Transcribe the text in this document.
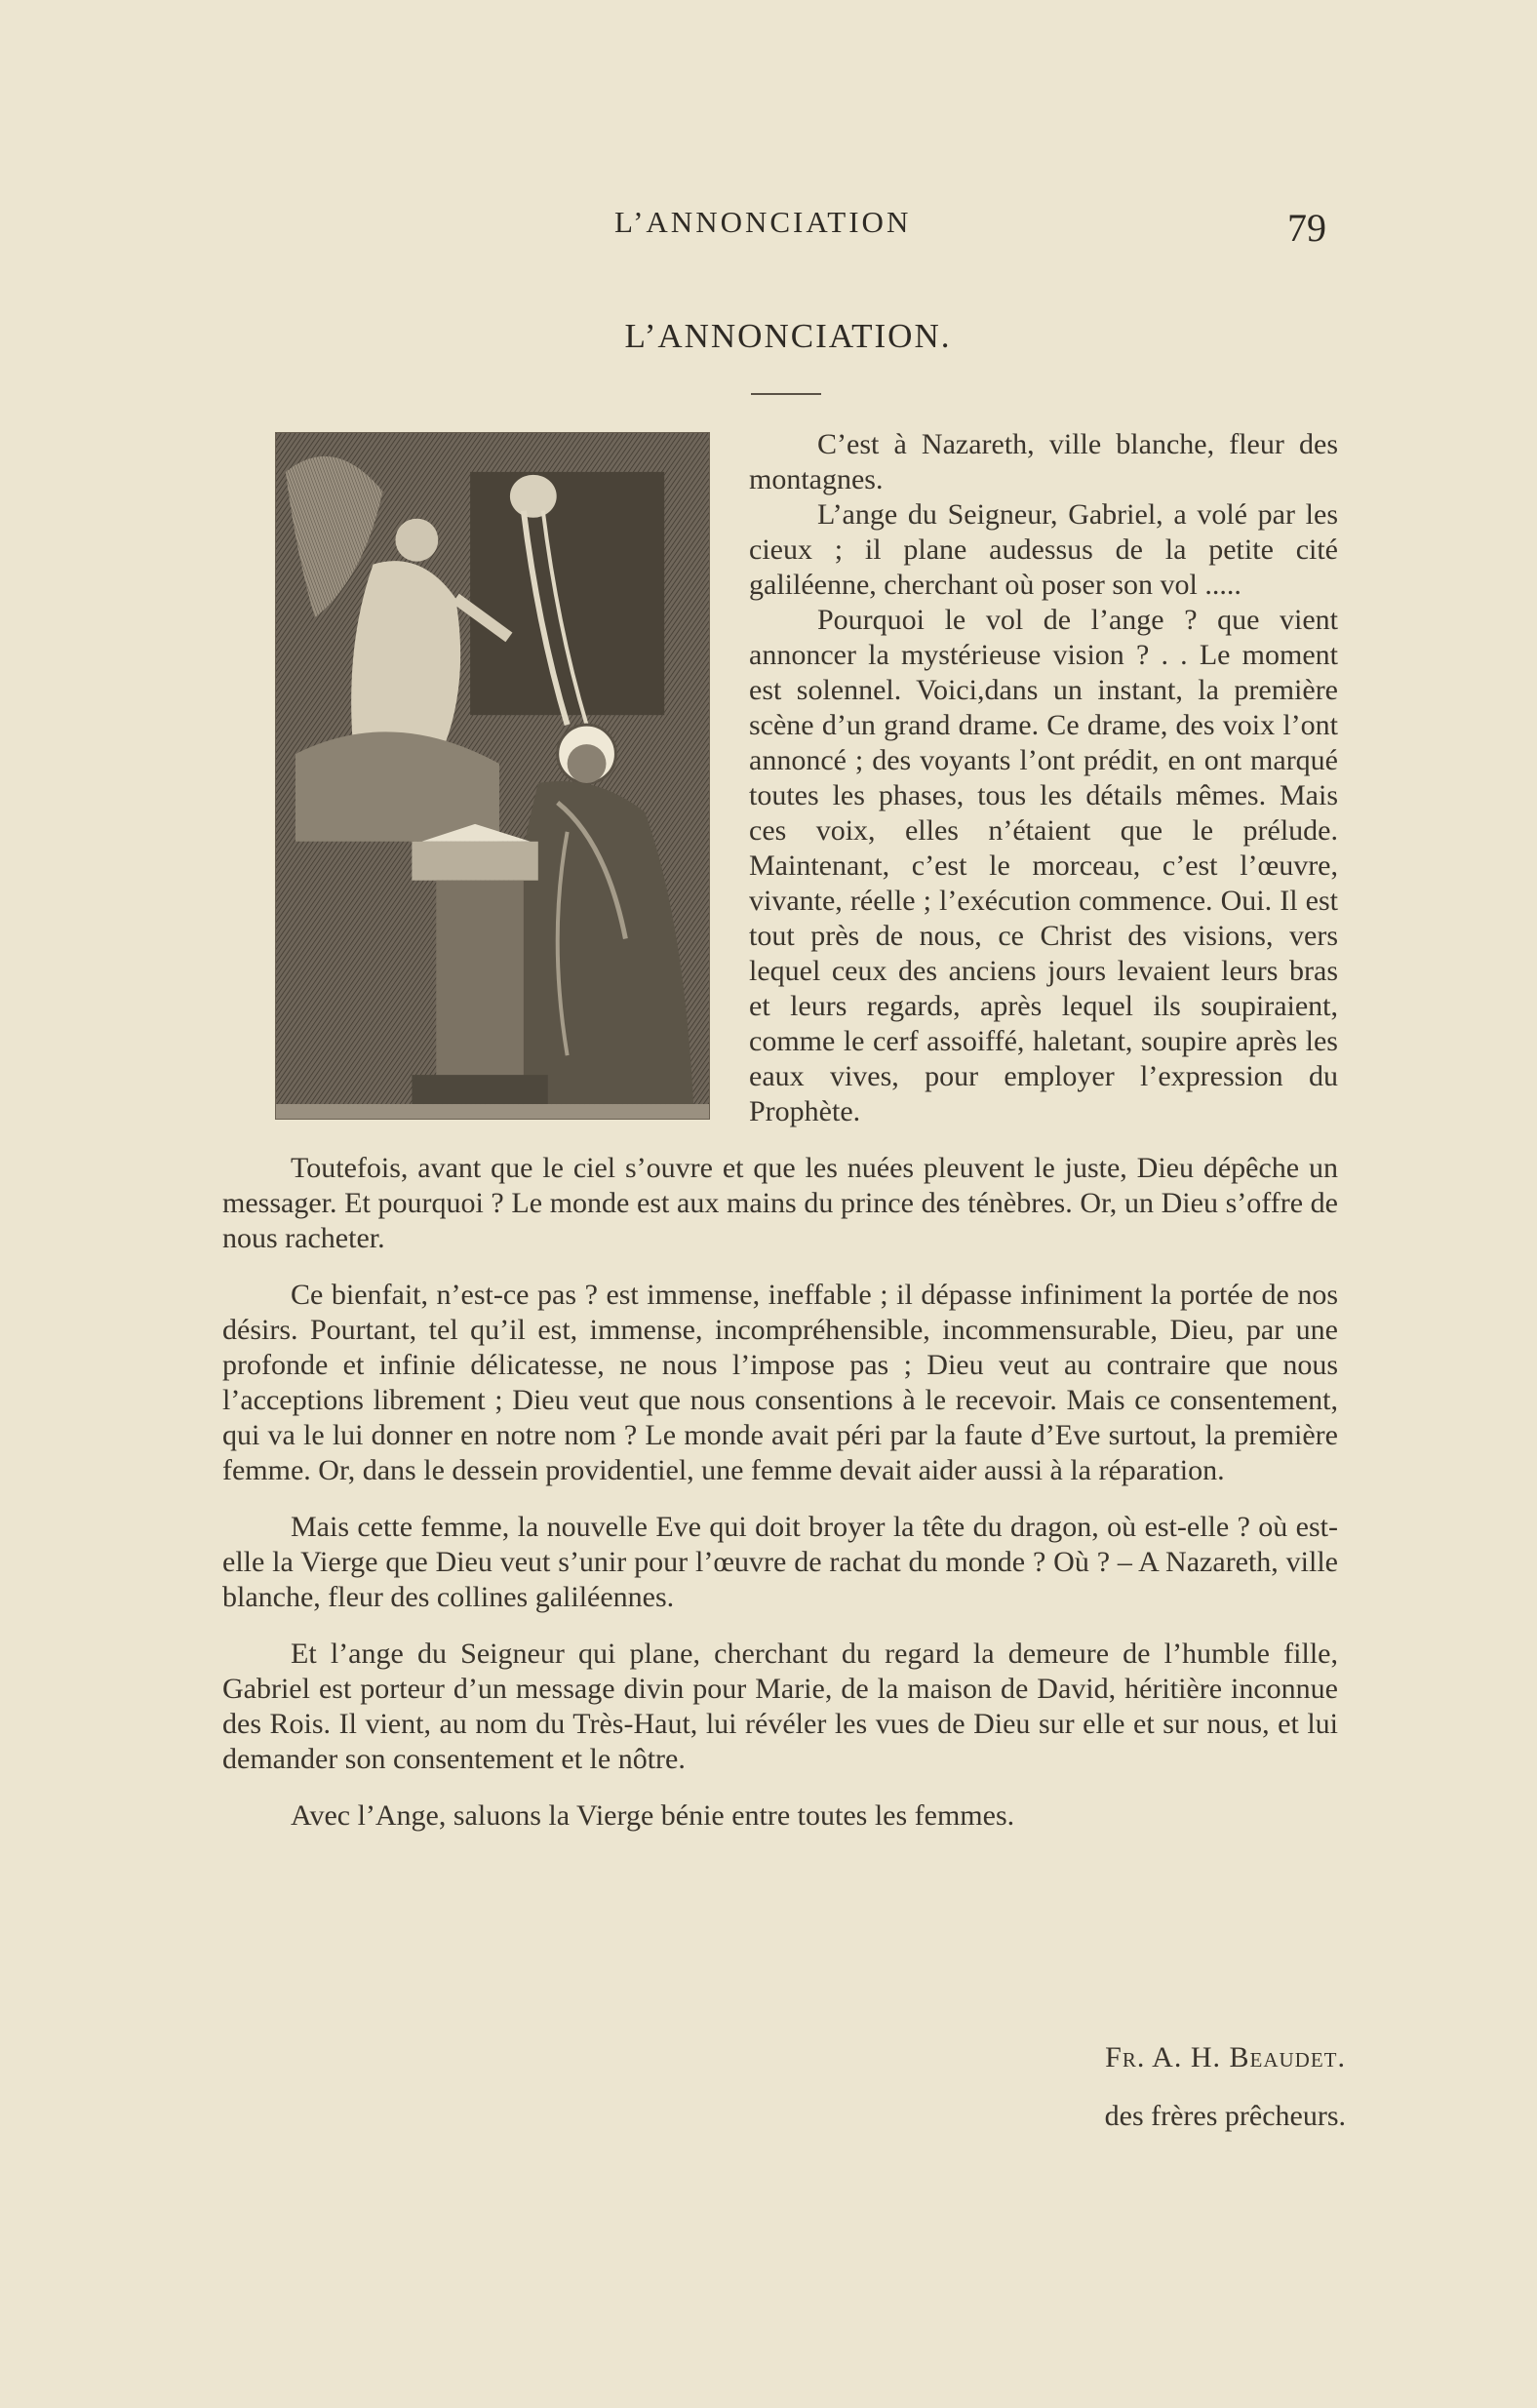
L’ANNONCIATION	79
L’ANNONCIATION.

C’est à Nazareth, ville blanche, fleur des montagnes.

L’ange du Seigneur, Gabriel, a volé par les cieux ; il plane audessus de la petite cité galiléenne, cherchant où poser son vol .....

Pourquoi le vol de l’ange ? que vient annoncer la mystérieuse vision ? . . Le moment est solennel. Voici,dans un instant, la première scène d’un grand drame. Ce drame, des voix l’ont annoncé ; des voyants l’ont prédit, en ont marqué toutes les phases, tous les détails mêmes. Mais ces voix, elles n’étaient que le prélude. Maintenant, c’est le morceau, c’est l’œuvre, vivante, réelle ; l’exécution commence. Oui. Il est tout près de nous, ce Christ des visions, vers lequel ceux des anciens jours levaient leurs bras et leurs regards, après lequel ils soupiraient, comme le cerf assoiffé, haletant, soupire après les eaux vives, pour employer l’expression du Prophète.

Toutefois, avant que le ciel s’ouvre et que les nuées pleuvent le juste, Dieu dépêche un messager. Et pourquoi ? Le monde est aux mains du prince des ténèbres. Or, un Dieu s’offre de nous racheter.

Ce bienfait, n’est-ce pas ? est immense, ineffable ; il dépasse infiniment la portée de nos désirs. Pourtant, tel qu’il est, immense, incompréhensible, incommensurable, Dieu, par une profonde et infinie délicatesse, ne nous l’impose pas ; Dieu veut au contraire que nous l’acceptions librement ; Dieu veut que nous consentions à le recevoir. Mais ce consentement, qui va le lui donner en notre nom ? Le monde avait péri par la faute d’Eve surtout, la première femme. Or, dans le dessein providentiel, une femme devait aider aussi à la réparation.

Mais cette femme, la nouvelle Eve qui doit broyer la tête du dragon, où est-elle ? où est-elle la Vierge que Dieu veut s’unir pour l’œuvre de rachat du monde ? Où ? – A Nazareth, ville blanche, fleur des collines galiléennes.

Et l’ange du Seigneur qui plane, cherchant du regard la demeure de l’humble fille, Gabriel est porteur d’un message divin pour Marie, de la maison de David, héritière inconnue des Rois. Il vient, au nom du Très-Haut, lui révéler les vues de Dieu sur elle et sur nous, et lui demander son consentement et le nôtre.

Avec l’Ange, saluons la Vierge bénie entre toutes les femmes.

Fr. A. H. Beaudet.
des frères prêcheurs.
